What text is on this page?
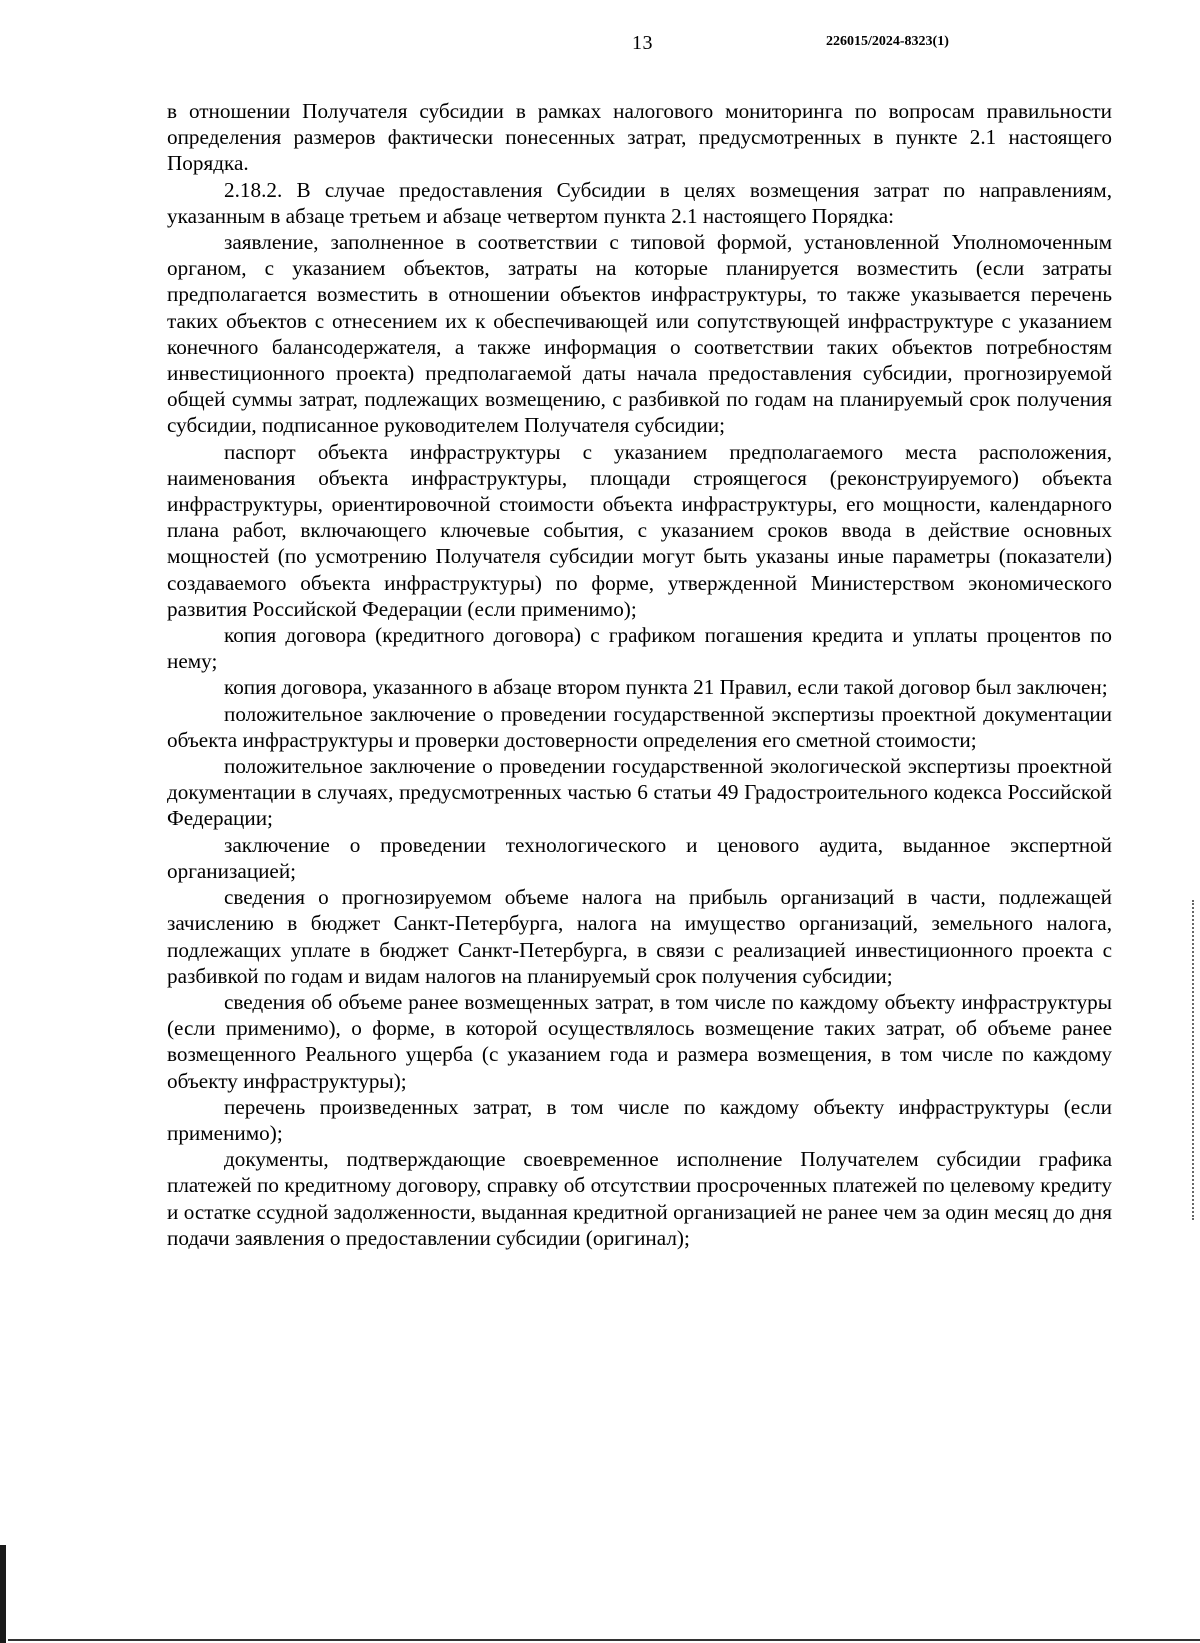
13	226015/2024-8323(1)

в отношении Получателя субсидии в рамках налогового мониторинга по вопросам правильности определения размеров фактически понесенных затрат, предусмотренных в пункте 2.1 настоящего Порядка.

2.18.2. В случае предоставления Субсидии в целях возмещения затрат по направлениям, указанным в абзаце третьем и абзаце четвертом пункта 2.1 настоящего Порядка:

заявление, заполненное в соответствии с типовой формой, установленной Уполномоченным органом, с указанием объектов, затраты на которые планируется возместить (если затраты предполагается возместить в отношении объектов инфраструктуры, то также указывается перечень таких объектов с отнесением их к обеспечивающей или сопутствующей инфраструктуре с указанием конечного балансодержателя, а также информация о соответствии таких объектов потребностям инвестиционного проекта) предполагаемой даты начала предоставления субсидии, прогнозируемой общей суммы затрат, подлежащих возмещению, с разбивкой по годам на планируемый срок получения субсидии, подписанное руководителем Получателя субсидии;

паспорт объекта инфраструктуры с указанием предполагаемого места расположения, наименования объекта инфраструктуры, площади строящегося (реконструируемого) объекта инфраструктуры, ориентировочной стоимости объекта инфраструктуры, его мощности, календарного плана работ, включающего ключевые события, с указанием сроков ввода в действие основных мощностей (по усмотрению Получателя субсидии могут быть указаны иные параметры (показатели) создаваемого объекта инфраструктуры) по форме, утвержденной Министерством экономического развития Российской Федерации (если применимо);

копия договора (кредитного договора) с графиком погашения кредита и уплаты процентов по нему;

копия договора, указанного в абзаце втором пункта 21 Правил, если такой договор был заключен;

положительное заключение о проведении государственной экспертизы проектной документации объекта инфраструктуры и проверки достоверности определения его сметной стоимости;

положительное заключение о проведении государственной экологической экспертизы проектной документации в случаях, предусмотренных частью 6 статьи 49 Градостроительного кодекса Российской Федерации;

заключение о проведении технологического и ценового аудита, выданное экспертной организацией;

сведения о прогнозируемом объеме налога на прибыль организаций в части, подлежащей зачислению в бюджет Санкт-Петербурга, налога на имущество организаций, земельного налога, подлежащих уплате в бюджет Санкт-Петербурга, в связи с реализацией инвестиционного проекта с разбивкой по годам и видам налогов на планируемый срок получения субсидии;

сведения об объеме ранее возмещенных затрат, в том числе по каждому объекту инфраструктуры (если применимо), о форме, в которой осуществлялось возмещение таких затрат, об объеме ранее возмещенного Реального ущерба (с указанием года и размера возмещения, в том числе по каждому объекту инфраструктуры);

перечень произведенных затрат, в том числе по каждому объекту инфраструктуры (если применимо);

документы, подтверждающие своевременное исполнение Получателем субсидии графика платежей по кредитному договору, справку об отсутствии просроченных платежей по целевому кредиту и остатке ссудной задолженности, выданная кредитной организацией не ранее чем за один месяц до дня подачи заявления о предоставлении субсидии (оригинал);
